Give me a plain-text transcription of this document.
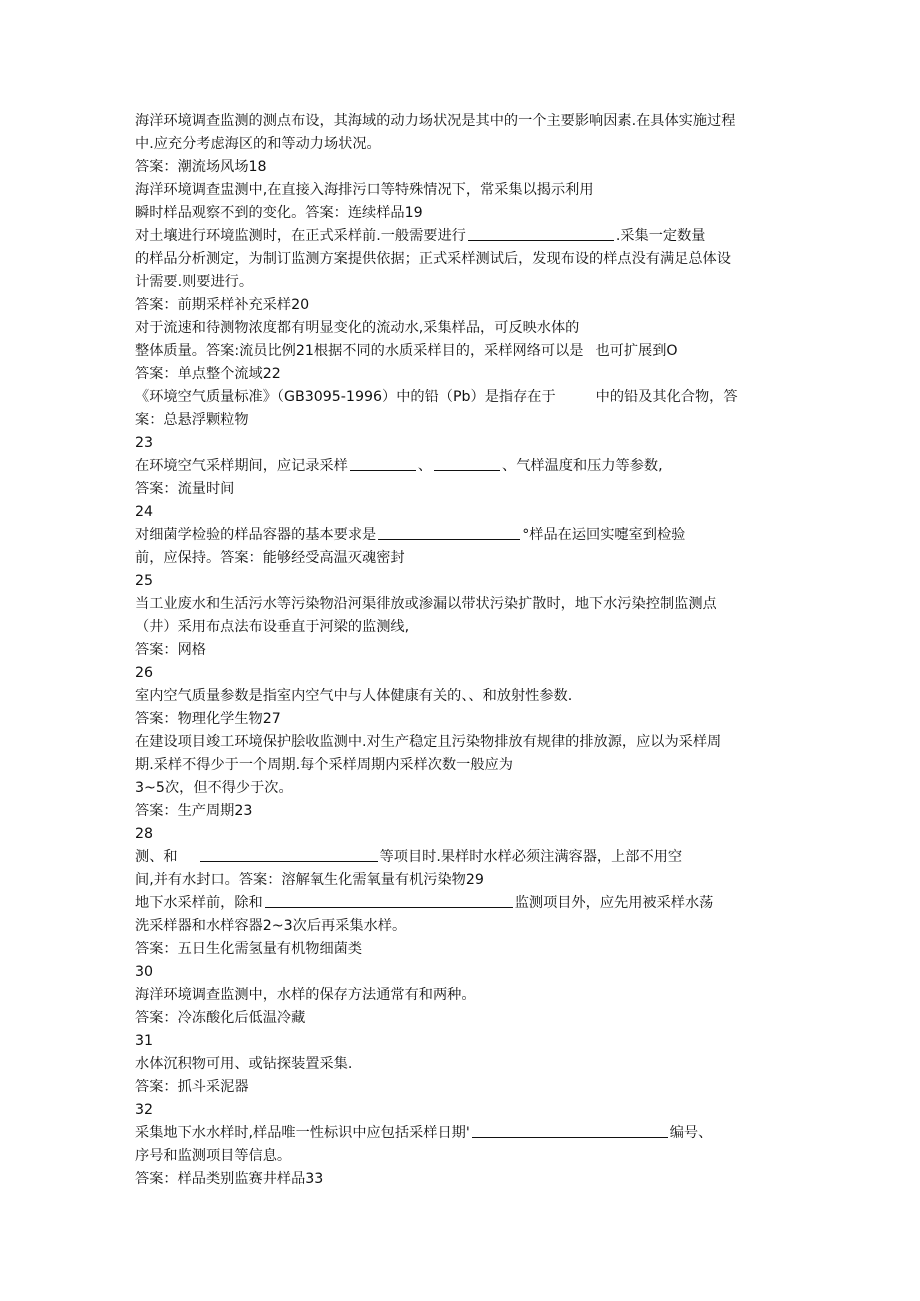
海洋环境调查监测的测点布设，其海域的动力场状况是其中的一个主要影响因素.在具体实施过程
中.应充分考虑海区的和等动力场状况。
答案：潮流场风场18
海洋环境调查盅测中,在直接入海排污口等特殊情况下，常采集以揭示利用
瞬时样品观察不到的变化。答案：连续样品19
对土壤进行环境监测时，在正式采样前.一般需要进行	.采集一定数量
的样品分析测定，为制订监测方案提供依据；正式采样测试后，发现布设的样点没有满足总体设
计需要.则要进行。
答案：前期采样补充采样20
对于流速和待测物浓度都有明显变化的流动水,采集样品，可反映水体的
整体质量。答案:流员比例21根据不同的水质采样目的，采样网络可以是 也可扩展到O
答案：单点整个流域22
《环境空气质量标准》（GB3095-1996）中的铅（Pb）是指存在于	中的铅及其化合物，答
案：总悬浮颗粒物
23
在环境空气采样期间，应记录采样	、	、气样温度和压力等参数,
答案：流量时间
24
对细菌学检验的样品容器的基本要求是	°样品在运回实嚏室到检验
前，应保持。答案：能够经受高温灭魂密封
25
当工业废水和生活污水等污染物沿河渠徘放或渗漏以带状污染扩散时，地下水污染控制监测点
（井）采用布点法布设垂直于河梁的监测线,
答案：网格
26
室内空气质量参数是指室内空气中与人体健康有关的、、和放射性参数.
答案：物理化学生物27
在建设项目竣工环境保护脍收监测中.对生产稳定且污染物排放有规律的排放源，应以为采样周
期.采样不得少于一个周期.每个采样周期内采样次数一般应为
3~5次，但不得少于次。
答案：生产周期23
28
测、和	等项目时.果样时水样必须注满容器，上部不用空
间,并有水封口。答案：溶解氧生化需氧量有机污染物29
地下水采样前，除和	监测项目外，应先用被采样水荡
洗采样器和水样容器2~3次后再采集水样。
答案：五日生化需氢量有机物细菌类
30
海洋环境调查监测中，水样的保存方法通常有和两种。
答案：冷冻酸化后低温冷藏
31
水体沉积物可用、或钻探装置采集.
答案：抓斗采泥器
32
采集地下水水样时,样品唯一性标识中应包括采样日期'	编号、
序号和监测项目等信息。
答案：样品类别监赛井样品33
